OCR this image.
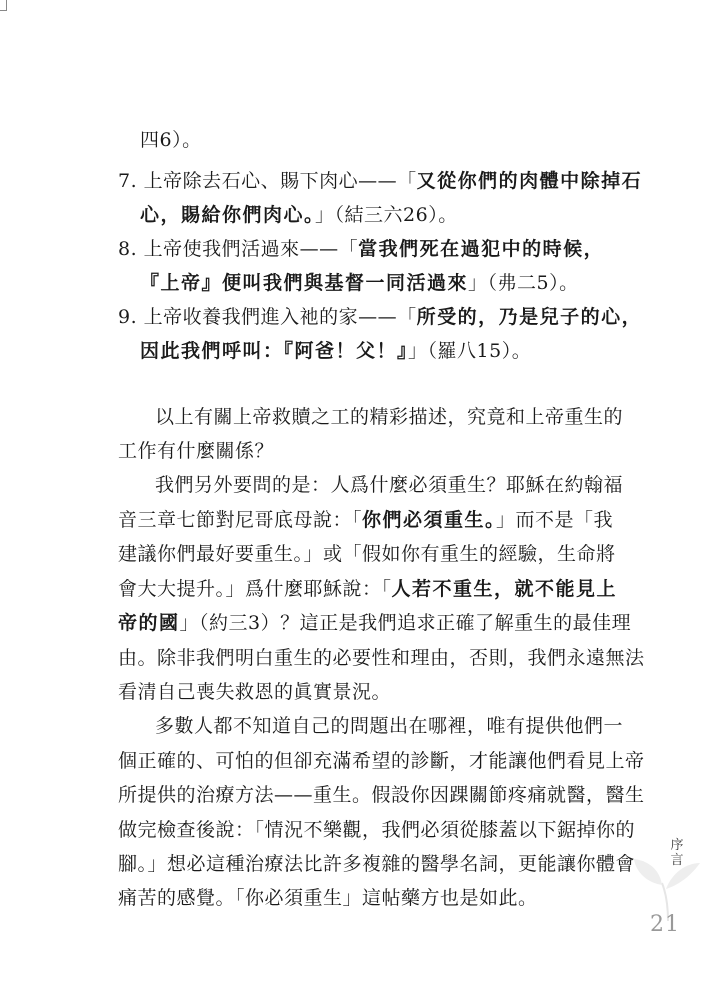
四6）。
7. 上帝除去石心、賜下肉心——「又從你們的肉體中除掉石
心，賜給你們肉心。」（結三六26）。
8. 上帝使我們活過來——「當我們死在過犯中的時候，
『上帝』便叫我們與基督一同活過來」（弗二5）。
9. 上帝收養我們進入祂的家——「所受的，乃是兒子的心，
因此我們呼叫：『阿爸！父！』」（羅八15）。
以上有關上帝救贖之工的精彩描述，究竟和上帝重生的
工作有什麼關係？
我們另外要問的是：人爲什麼必須重生？耶穌在約翰福
音三章七節對尼哥底母說：「你們必須重生。」而不是「我
建議你們最好要重生。」或「假如你有重生的經驗，生命將
會大大提升。」爲什麼耶穌說：「人若不重生，就不能見上
帝的國」（約三3）？這正是我們追求正確了解重生的最佳理
由。除非我們明白重生的必要性和理由，否則，我們永遠無法
看清自己喪失救恩的眞實景況。
多數人都不知道自己的問題出在哪裡，唯有提供他們一
個正確的、可怕的但卻充滿希望的診斷，才能讓他們看見上帝
所提供的治療方法——重生。假設你因踝關節疼痛就醫，醫生
做完檢查後說：「情況不樂觀，我們必須從膝蓋以下鋸掉你的
腳。」想必這種治療法比許多複雜的醫學名詞，更能讓你體會
痛苦的感覺。「你必須重生」這帖藥方也是如此。
序
言
21
